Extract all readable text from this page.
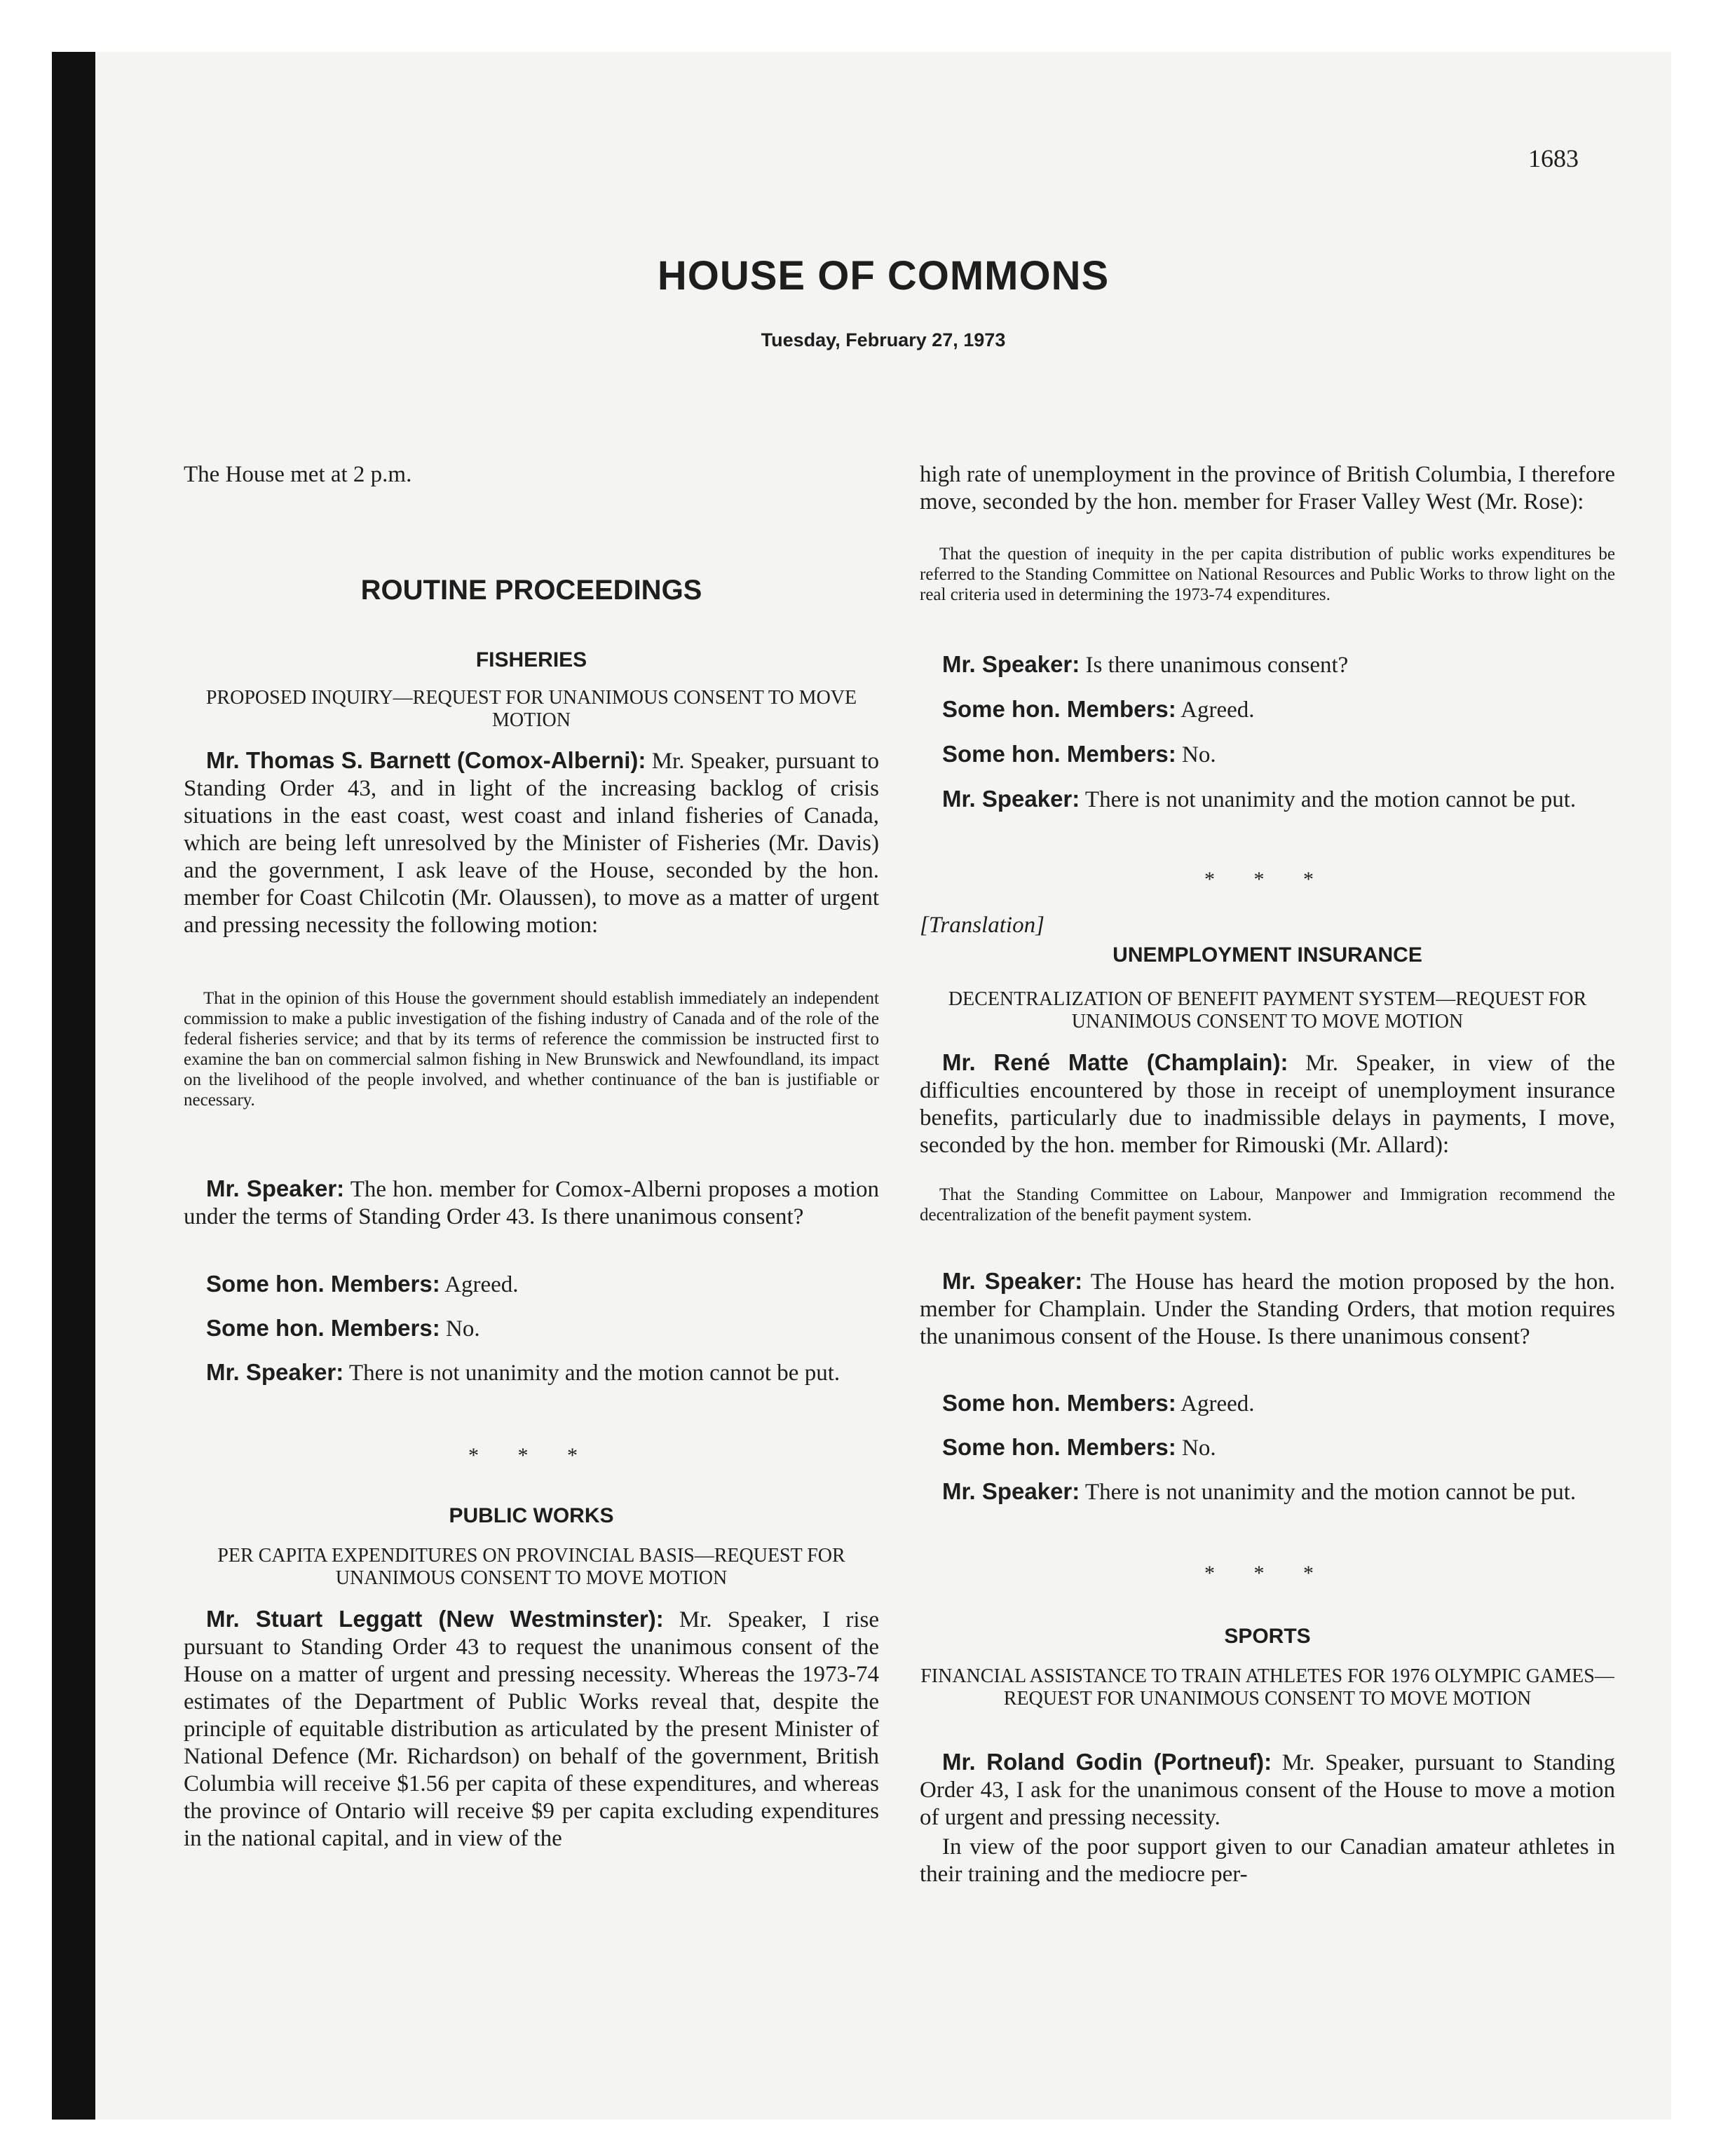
1683
HOUSE OF COMMONS
Tuesday, February 27, 1973
The House met at 2 p.m.
ROUTINE PROCEEDINGS
FISHERIES
PROPOSED INQUIRY—REQUEST FOR UNANIMOUS CONSENT TO MOVE MOTION
Mr. Thomas S. Barnett (Comox-Alberni): Mr. Speaker, pursuant to Standing Order 43, and in light of the increasing backlog of crisis situations in the east coast, west coast and inland fisheries of Canada, which are being left unresolved by the Minister of Fisheries (Mr. Davis) and the government, I ask leave of the House, seconded by the hon. member for Coast Chilcotin (Mr. Olaussen), to move as a matter of urgent and pressing necessity the following motion:
That in the opinion of this House the government should establish immediately an independent commission to make a public investigation of the fishing industry of Canada and of the role of the federal fisheries service; and that by its terms of reference the commission be instructed first to examine the ban on commercial salmon fishing in New Brunswick and Newfoundland, its impact on the livelihood of the people involved, and whether continuance of the ban is justifiable or necessary.
Mr. Speaker: The hon. member for Comox-Alberni proposes a motion under the terms of Standing Order 43. Is there unanimous consent?
Some hon. Members: Agreed.
Some hon. Members: No.
Mr. Speaker: There is not unanimity and the motion cannot be put.
* * *
PUBLIC WORKS
PER CAPITA EXPENDITURES ON PROVINCIAL BASIS—REQUEST FOR UNANIMOUS CONSENT TO MOVE MOTION
Mr. Stuart Leggatt (New Westminster): Mr. Speaker, I rise pursuant to Standing Order 43 to request the unanimous consent of the House on a matter of urgent and pressing necessity. Whereas the 1973-74 estimates of the Department of Public Works reveal that, despite the principle of equitable distribution as articulated by the present Minister of National Defence (Mr. Richardson) on behalf of the government, British Columbia will receive $1.56 per capita of these expenditures, and whereas the province of Ontario will receive $9 per capita excluding expenditures in the national capital, and in view of the
high rate of unemployment in the province of British Columbia, I therefore move, seconded by the hon. member for Fraser Valley West (Mr. Rose):
That the question of inequity in the per capita distribution of public works expenditures be referred to the Standing Committee on National Resources and Public Works to throw light on the real criteria used in determining the 1973-74 expenditures.
Mr. Speaker: Is there unanimous consent?
Some hon. Members: Agreed.
Some hon. Members: No.
Mr. Speaker: There is not unanimity and the motion cannot be put.
* * *
[Translation]
UNEMPLOYMENT INSURANCE
DECENTRALIZATION OF BENEFIT PAYMENT SYSTEM—REQUEST FOR UNANIMOUS CONSENT TO MOVE MOTION
Mr. René Matte (Champlain): Mr. Speaker, in view of the difficulties encountered by those in receipt of unemployment insurance benefits, particularly due to inadmissible delays in payments, I move, seconded by the hon. member for Rimouski (Mr. Allard):
That the Standing Committee on Labour, Manpower and Immigration recommend the decentralization of the benefit payment system.
Mr. Speaker: The House has heard the motion proposed by the hon. member for Champlain. Under the Standing Orders, that motion requires the unanimous consent of the House. Is there unanimous consent?
Some hon. Members: Agreed.
Some hon. Members: No.
Mr. Speaker: There is not unanimity and the motion cannot be put.
* * *
SPORTS
FINANCIAL ASSISTANCE TO TRAIN ATHLETES FOR 1976 OLYMPIC GAMES—REQUEST FOR UNANIMOUS CONSENT TO MOVE MOTION
Mr. Roland Godin (Portneuf): Mr. Speaker, pursuant to Standing Order 43, I ask for the unanimous consent of the House to move a motion of urgent and pressing necessity.
In view of the poor support given to our Canadian amateur athletes in their training and the mediocre per-
